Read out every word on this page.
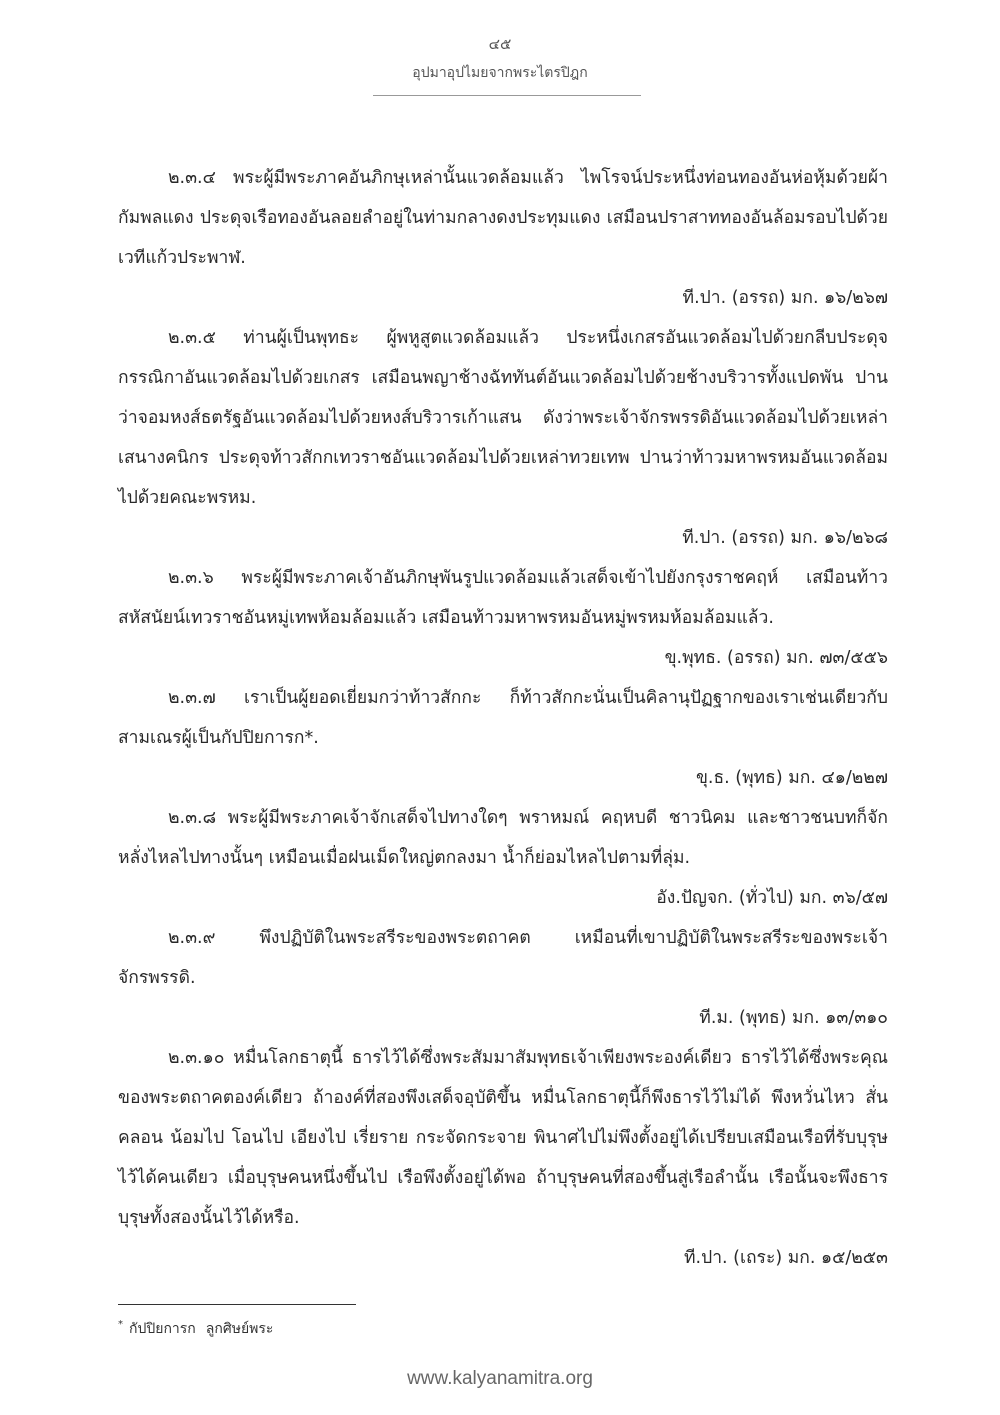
๔๕
อุปมาอุปไมยจากพระไตรปิฎก

๒.๓.๔ พระผู้มีพระภาคอันภิกษุเหล่านั้นแวดล้อมแล้ว ไพโรจน์ประหนึ่งท่อนทองอันห่อหุ้มด้วยผ้ากัมพลแดง ประดุจเรือทองอันลอยลำอยู่ในท่ามกลางดงประทุมแดง เสมือนปราสาททองอันล้อมรอบไปด้วยเวทีแก้วประพาฬ.

ที.ปา. (อรรถ) มก. ๑๖/๒๖๗

๒.๓.๕ ท่านผู้เป็นพุทธะ ผู้พหูสูตแวดล้อมแล้ว ประหนึ่งเกสรอันแวดล้อมไปด้วยกลีบประดุจกรรณิกาอันแวดล้อมไปด้วยเกสร เสมือนพญาช้างฉัททันต์อันแวดล้อมไปด้วยช้างบริวารทั้งแปดพัน ปานว่าจอมหงส์ธตรัฐอันแวดล้อมไปด้วยหงส์บริวารเก้าแสน ดังว่าพระเจ้าจักรพรรดิอันแวดล้อมไปด้วยเหล่าเสนางคนิกร ประดุจท้าวสักกเทวราชอันแวดล้อมไปด้วยเหล่าทวยเทพ ปานว่าท้าวมหาพรหมอันแวดล้อมไปด้วยคณะพรหม.

ที.ปา. (อรรถ) มก. ๑๖/๒๖๘

๒.๓.๖ พระผู้มีพระภาคเจ้าอันภิกษุพันรูปแวดล้อมแล้วเสด็จเข้าไปยังกรุงราชคฤห์ เสมือนท้าวสหัสนัยน์เทวราชอันหมู่เทพห้อมล้อมแล้ว เสมือนท้าวมหาพรหมอันหมู่พรหมห้อมล้อมแล้ว.

ขุ.พุทธ. (อรรถ) มก. ๗๓/๕๕๖

๒.๓.๗ เราเป็นผู้ยอดเยี่ยมกว่าท้าวสักกะ ก็ท้าวสักกะนั่นเป็นคิลานุปัฏฐากของเราเช่นเดียวกับสามเณรผู้เป็นกัปปิยการก*.

ขุ.ธ. (พุทธ) มก. ๔๑/๒๒๗

๒.๓.๘ พระผู้มีพระภาคเจ้าจักเสด็จไปทางใดๆ พราหมณ์ คฤหบดี ชาวนิคม และชาวชนบทก็จักหลั่งไหลไปทางนั้นๆ เหมือนเมื่อฝนเม็ดใหญ่ตกลงมา น้ำก็ย่อมไหลไปตามที่ลุ่ม.

อัง.ปัญจก. (ทั่วไป) มก. ๓๖/๕๗

๒.๓.๙ พึงปฏิบัติในพระสรีระของพระตถาคต เหมือนที่เขาปฏิบัติในพระสรีระของพระเจ้าจักรพรรดิ.

ที.ม. (พุทธ) มก. ๑๓/๓๑๐

๒.๓.๑๐ หมื่นโลกธาตุนี้ ธารไว้ได้ซึ่งพระสัมมาสัมพุทธเจ้าเพียงพระองค์เดียว ธารไว้ได้ซึ่งพระคุณของพระตถาคตองค์เดียว ถ้าองค์ที่สองพึงเสด็จอุบัติขึ้น หมื่นโลกธาตุนี้ก็พึงธารไว้ไม่ได้ พึงหวั่นไหว สั่นคลอน น้อมไป โอนไป เอียงไป เรี่ยราย กระจัดกระจาย พินาศไปไม่พึงตั้งอยู่ได้เปรียบเสมือนเรือที่รับบุรุษไว้ได้คนเดียว เมื่อบุรุษคนหนึ่งขึ้นไป เรือพึงตั้งอยู่ได้พอ ถ้าบุรุษคนที่สองขึ้นสู่เรือลำนั้น เรือนั้นจะพึงธารบุรุษทั้งสองนั้นไว้ได้หรือ.

ที.ปา. (เถระ) มก. ๑๕/๒๕๓

* กัปปิยการก ลูกศิษย์พระ
www.kalyanamitra.org
